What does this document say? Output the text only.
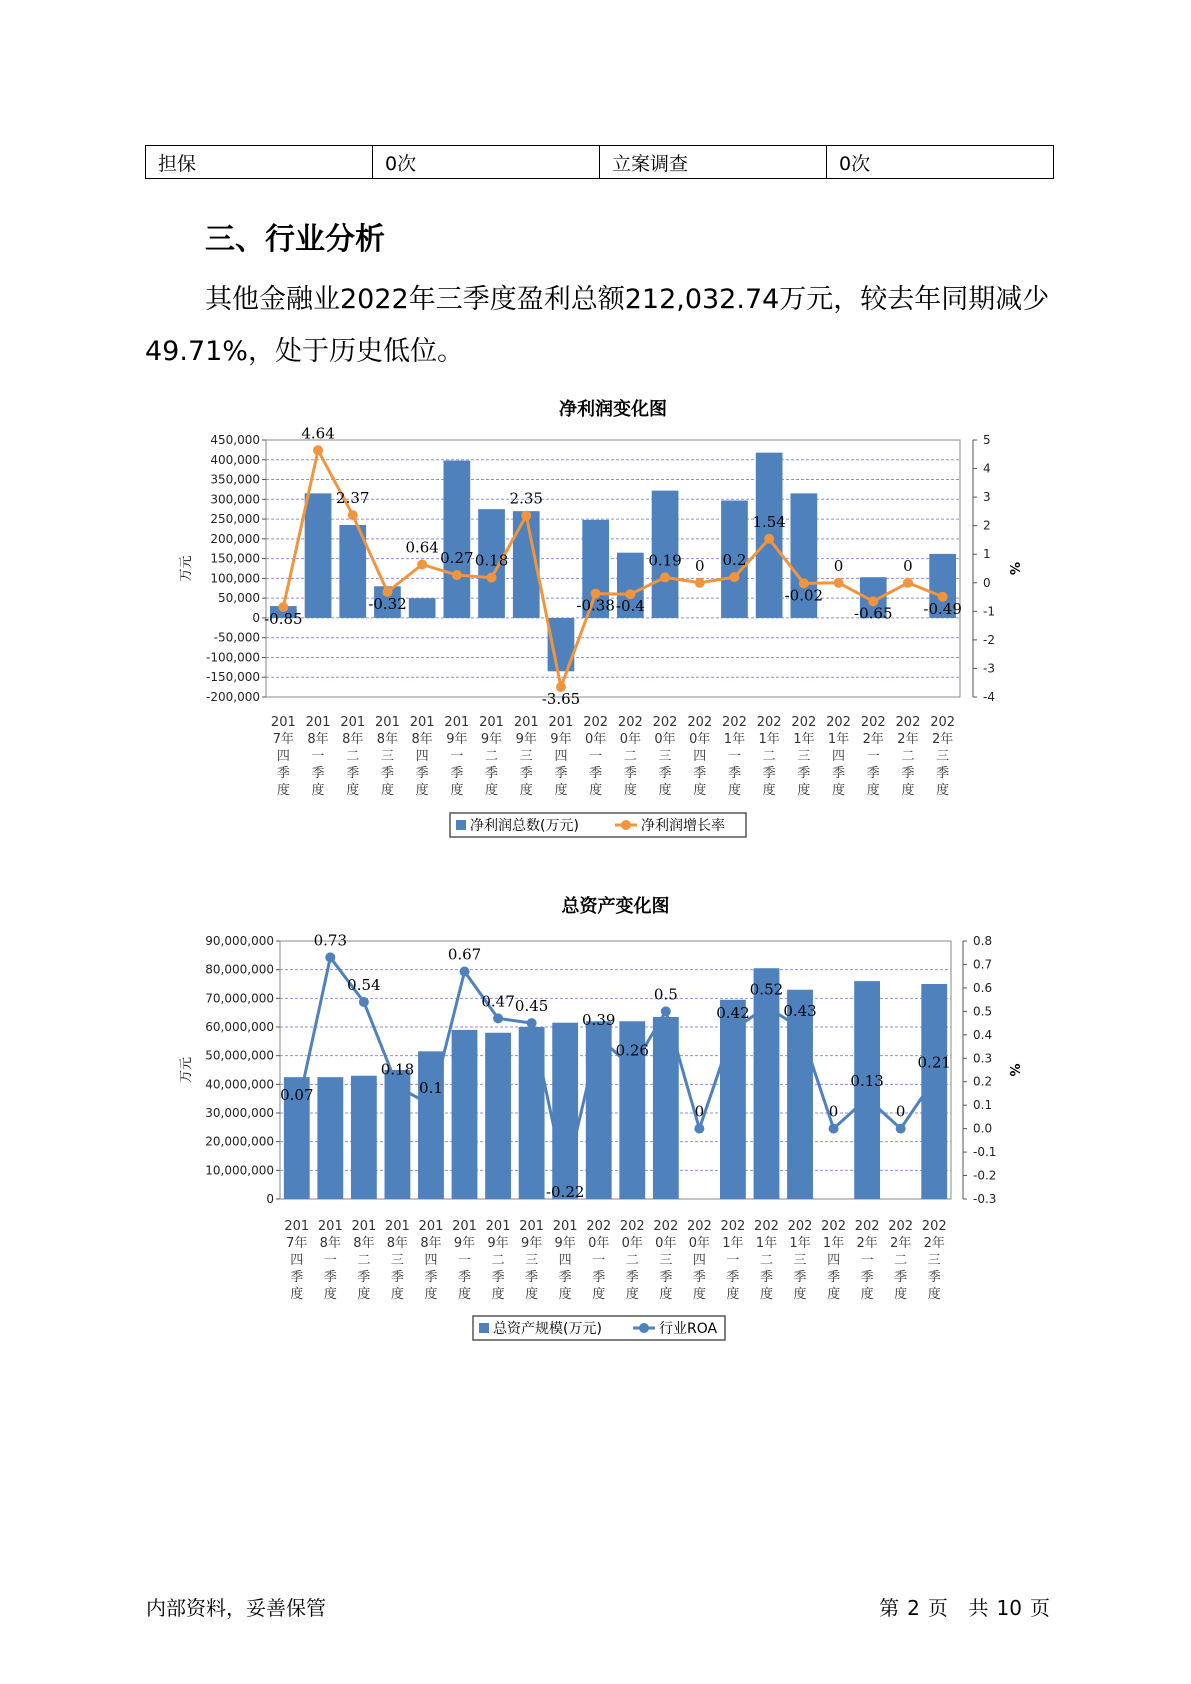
担保	0次	立案调查	0次
三、行业分析

其他金融业2022年三季度盈利总额212,032.74万元，较去年同期减少49.71%，处于历史低位。

净利润变化图
450,000
400,000
350,000
300,000
250,000
200,000
150,000
100,000
50,000
0
-50,000
-100,000
-150,000
-200,000
5
4
3
2
1
0
-1
-2
-3
-4
万元	%
-0.85
4.64
2.37
-0.32
0.64
0.27 0.18
2.35
-3.65
-0.38 -0.4
0.19 0 0.2
1.54
-0.02
0
-0.65
0
-0.49
201 7年四季度
201 8年一季度
201 8年二季度
201 8年三季度
201 8年四季度
201 9年一季度
201 9年二季度
201 9年三季度
201 9年四季度
202 0年一季度
202 0年二季度
202 0年三季度
202 0年四季度
202 1年一季度
202 1年二季度
202 1年三季度
202 1年四季度
202 2年一季度
202 2年二季度
202 2年三季度
净利润总数(万元)	净利润增长率
总资产变化图
90,000,000
80,000,000
70,000,000
60,000,000
50,000,000
40,000,000
30,000,000
20,000,000
10,000,000
0
0.8
0.7
0.6
0.5
0.4
0.3
0.2
0.1
0.0
-0.1
-0.2
-0.3
万元	%
0.07
0.73
0.54
0.18
0.1
0.67
0.47 0.45
-0.22
0.39
0.26
0.5
0
0.42
0.52
0.43
0
0.13
0
0.21
201 7年四季度
201 8年一季度
201 8年二季度
201 8年三季度
201 8年四季度
201 9年一季度
201 9年二季度
201 9年三季度
201 9年四季度
202 0年一季度
202 0年二季度
202 0年三季度
202 0年四季度
202 1年一季度
202 1年二季度
202 1年三季度
202 1年四季度
202 2年一季度
202 2年二季度
202 2年三季度
总资产规模(万元)	行业ROA
内部资料，妥善保管	第 2 页 共 10 页
